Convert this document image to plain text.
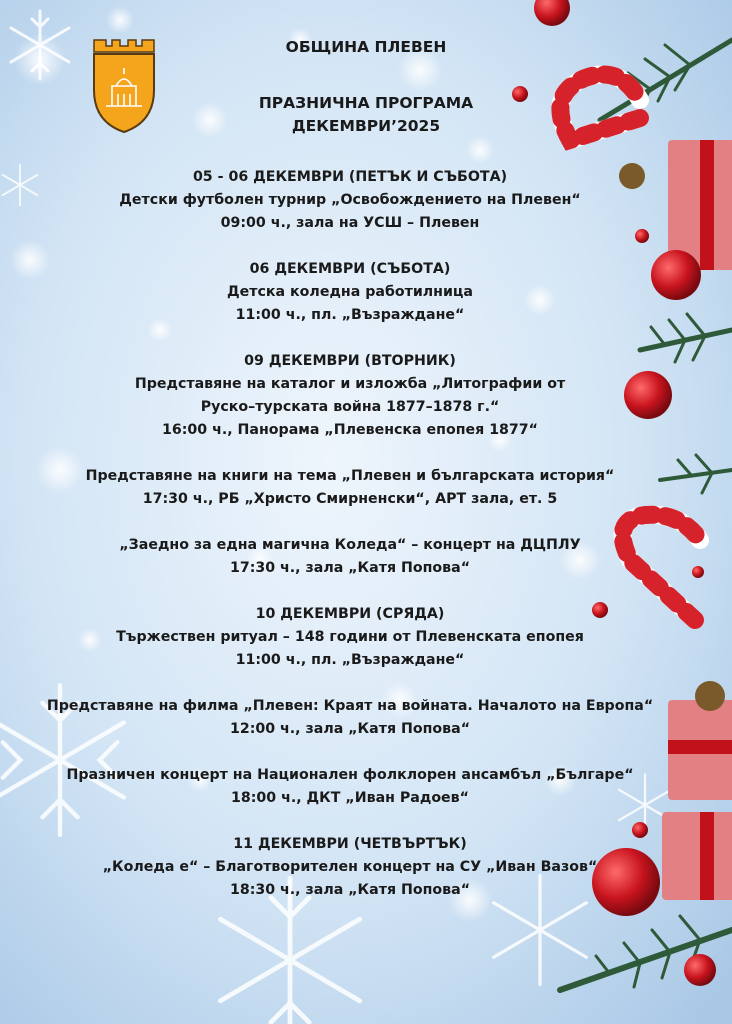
ОБЩИНА ПЛЕВЕН
ПРАЗНИЧНА ПРОГРАМА
ДЕКЕМВРИ’2025
05 - 06 ДЕКЕМВРИ (ПЕТЪК И СЪБОТА)
Детски футболен турнир „Освобождението на Плевен“
09:00 ч., зала на УСШ – Плевен
06 ДЕКЕМВРИ (СЪБОТА)
Детска коледна работилница
11:00 ч., пл. „Възраждане“
09 ДЕКЕМВРИ (ВТОРНИК)
Представяне на каталог и изложба „Литографии от
Руско–турската война 1877–1878 г.“
16:00 ч., Панорама „Плевенска епопея 1877“
Представяне на книги на тема „Плевен и българската история“
17:30 ч., РБ „Христо Смирненски“, АРТ зала, ет. 5
„Заедно за една магична Коледа“ – концерт на ДЦПЛУ
17:30 ч., зала „Катя Попова“
10 ДЕКЕМВРИ (СРЯДА)
Тържествен ритуал – 148 години от Плевенската епопея
11:00 ч., пл. „Възраждане“
Представяне на филма „Плевен: Краят на войната. Началото на Европа“
12:00 ч., зала „Катя Попова“
Празничен концерт на Национален фолклорен ансамбъл „Българе“
18:00 ч., ДКТ „Иван Радоев“
11 ДЕКЕМВРИ (ЧЕТВЪРТЪК)
„Коледа е“ – Благотворителен концерт на СУ „Иван Вазов“
18:30 ч., зала „Катя Попова“
